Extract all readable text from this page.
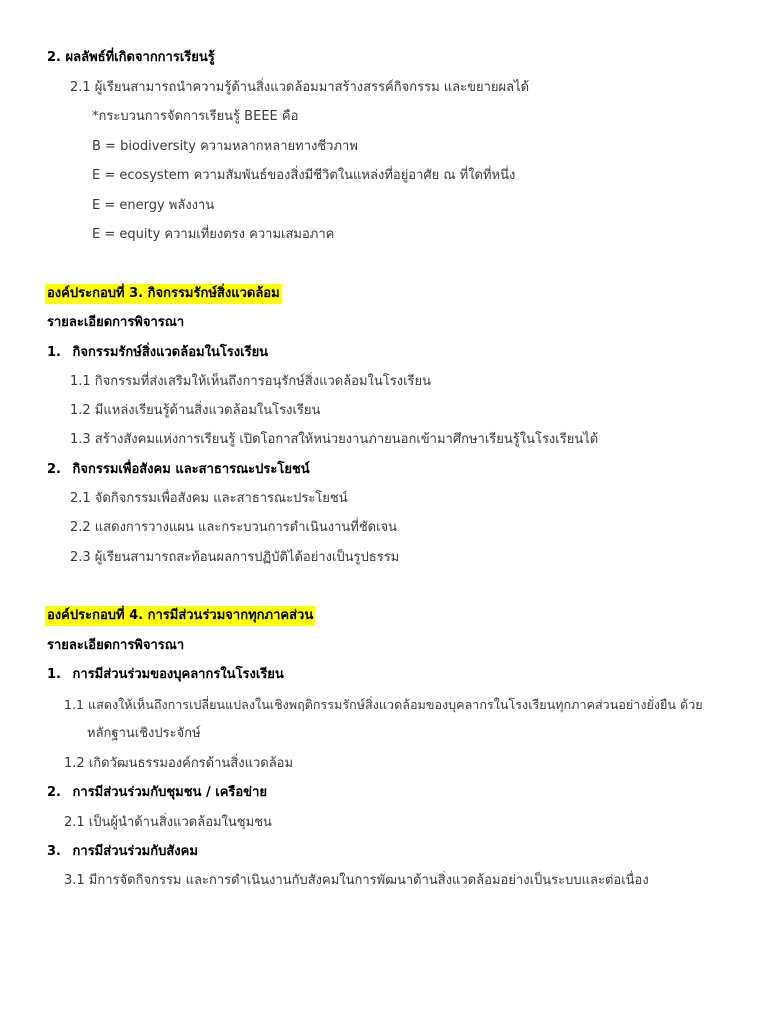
2. ผลลัพธ์ที่เกิดจากการเรียนรู้
2.1 ผู้เรียนสามารถนำความรู้ด้านสิ่งแวดล้อมมาสร้างสรรค์กิจกรรม และขยายผลได้
*กระบวนการจัดการเรียนรู้ BEEE คือ
B = biodiversity ความหลากหลายทางชีวภาพ
E = ecosystem ความสัมพันธ์ของสิ่งมีชีวิตในแหล่งที่อยู่อาศัย ณ ที่ใดที่หนึ่ง
E = energy พลังงาน
E = equity ความเที่ยงตรง ความเสมอภาค
องค์ประกอบที่ 3. กิจกรรมรักษ์สิ่งแวดล้อม
รายละเอียดการพิจารณา
1. กิจกรรมรักษ์สิ่งแวดล้อมในโรงเรียน
1.1 กิจกรรมที่ส่งเสริมให้เห็นถึงการอนุรักษ์สิ่งแวดล้อมในโรงเรียน
1.2 มีแหล่งเรียนรู้ด้านสิ่งแวดล้อมในโรงเรียน
1.3 สร้างสังคมแห่งการเรียนรู้ เปิดโอกาสให้หน่วยงานภายนอกเข้ามาศึกษาเรียนรู้ในโรงเรียนได้
2. กิจกรรมเพื่อสังคม และสาธารณะประโยชน์
2.1 จัดกิจกรรมเพื่อสังคม และสาธารณะประโยชน์
2.2 แสดงการวางแผน และกระบวนการดำเนินงานที่ชัดเจน
2.3 ผู้เรียนสามารถสะท้อนผลการปฏิบัติได้อย่างเป็นรูปธรรม
องค์ประกอบที่ 4. การมีส่วนร่วมจากทุกภาคส่วน
รายละเอียดการพิจารณา
1. การมีส่วนร่วมของบุคลากรในโรงเรียน
1.1 แสดงให้เห็นถึงการเปลี่ยนแปลงในเชิงพฤติกรรมรักษ์สิ่งแวดล้อมของบุคลากรในโรงเรียนทุกภาคส่วนอย่างยั่งยืน ด้วย
หลักฐานเชิงประจักษ์
1.2 เกิดวัฒนธรรมองค์กรด้านสิ่งแวดล้อม
2. การมีส่วนร่วมกับชุมชน / เครือข่าย
2.1 เป็นผู้นำด้านสิ่งแวดล้อมในชุมชน
3. การมีส่วนร่วมกับสังคม
3.1 มีการจัดกิจกรรม และการดำเนินงานกับสังคมในการพัฒนาด้านสิ่งแวดล้อมอย่างเป็นระบบและต่อเนื่อง
